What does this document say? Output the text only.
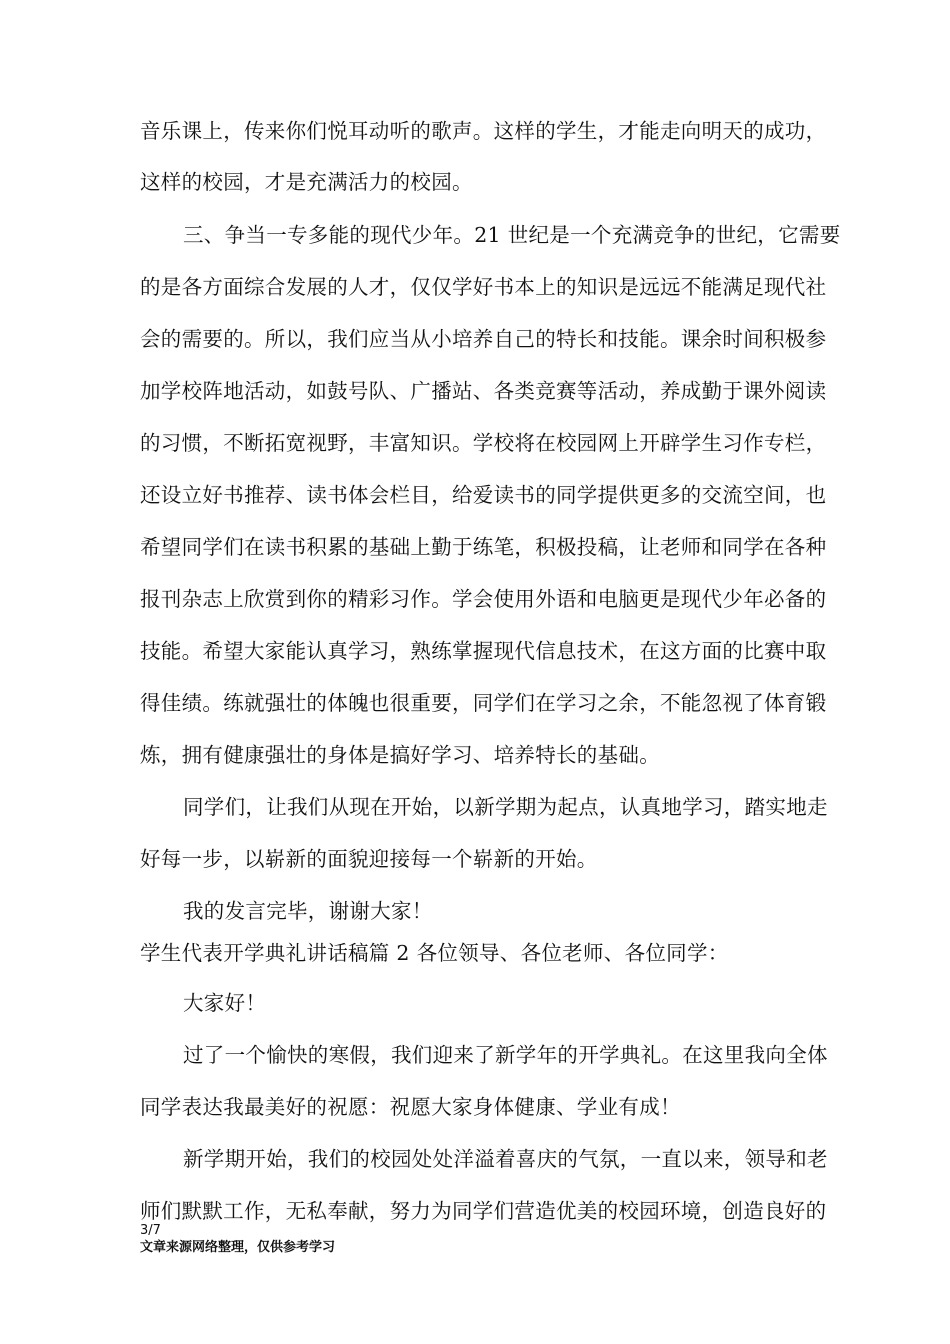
音乐课上，传来你们悦耳动听的歌声。这样的学生，才能走向明天的成功，
这样的校园，才是充满活力的校园。
三、争当一专多能的现代少年。21 世纪是一个充满竞争的世纪，它需要
的是各方面综合发展的人才，仅仅学好书本上的知识是远远不能满足现代社
会的需要的。所以，我们应当从小培养自己的特长和技能。课余时间积极参
加学校阵地活动，如鼓号队、广播站、各类竞赛等活动，养成勤于课外阅读
的习惯，不断拓宽视野，丰富知识。学校将在校园网上开辟学生习作专栏，
还设立好书推荐、读书体会栏目，给爱读书的同学提供更多的交流空间，也
希望同学们在读书积累的基础上勤于练笔，积极投稿，让老师和同学在各种
报刊杂志上欣赏到你的精彩习作。学会使用外语和电脑更是现代少年必备的
技能。希望大家能认真学习，熟练掌握现代信息技术，在这方面的比赛中取
得佳绩。练就强壮的体魄也很重要，同学们在学习之余，不能忽视了体育锻
炼，拥有健康强壮的身体是搞好学习、培养特长的基础。
同学们，让我们从现在开始，以新学期为起点，认真地学习，踏实地走
好每一步，以崭新的面貌迎接每一个崭新的开始。
我的发言完毕，谢谢大家！
学生代表开学典礼讲话稿篇 2 各位领导、各位老师、各位同学：
大家好！
过了一个愉快的寒假，我们迎来了新学年的开学典礼。在这里我向全体
同学表达我最美好的祝愿：祝愿大家身体健康、学业有成！
新学期开始，我们的校园处处洋溢着喜庆的气氛，一直以来，领导和老
师们默默工作，无私奉献，努力为同学们营造优美的校园环境，创造良好的
3/7
文章来源网络整理，仅供参考学习
